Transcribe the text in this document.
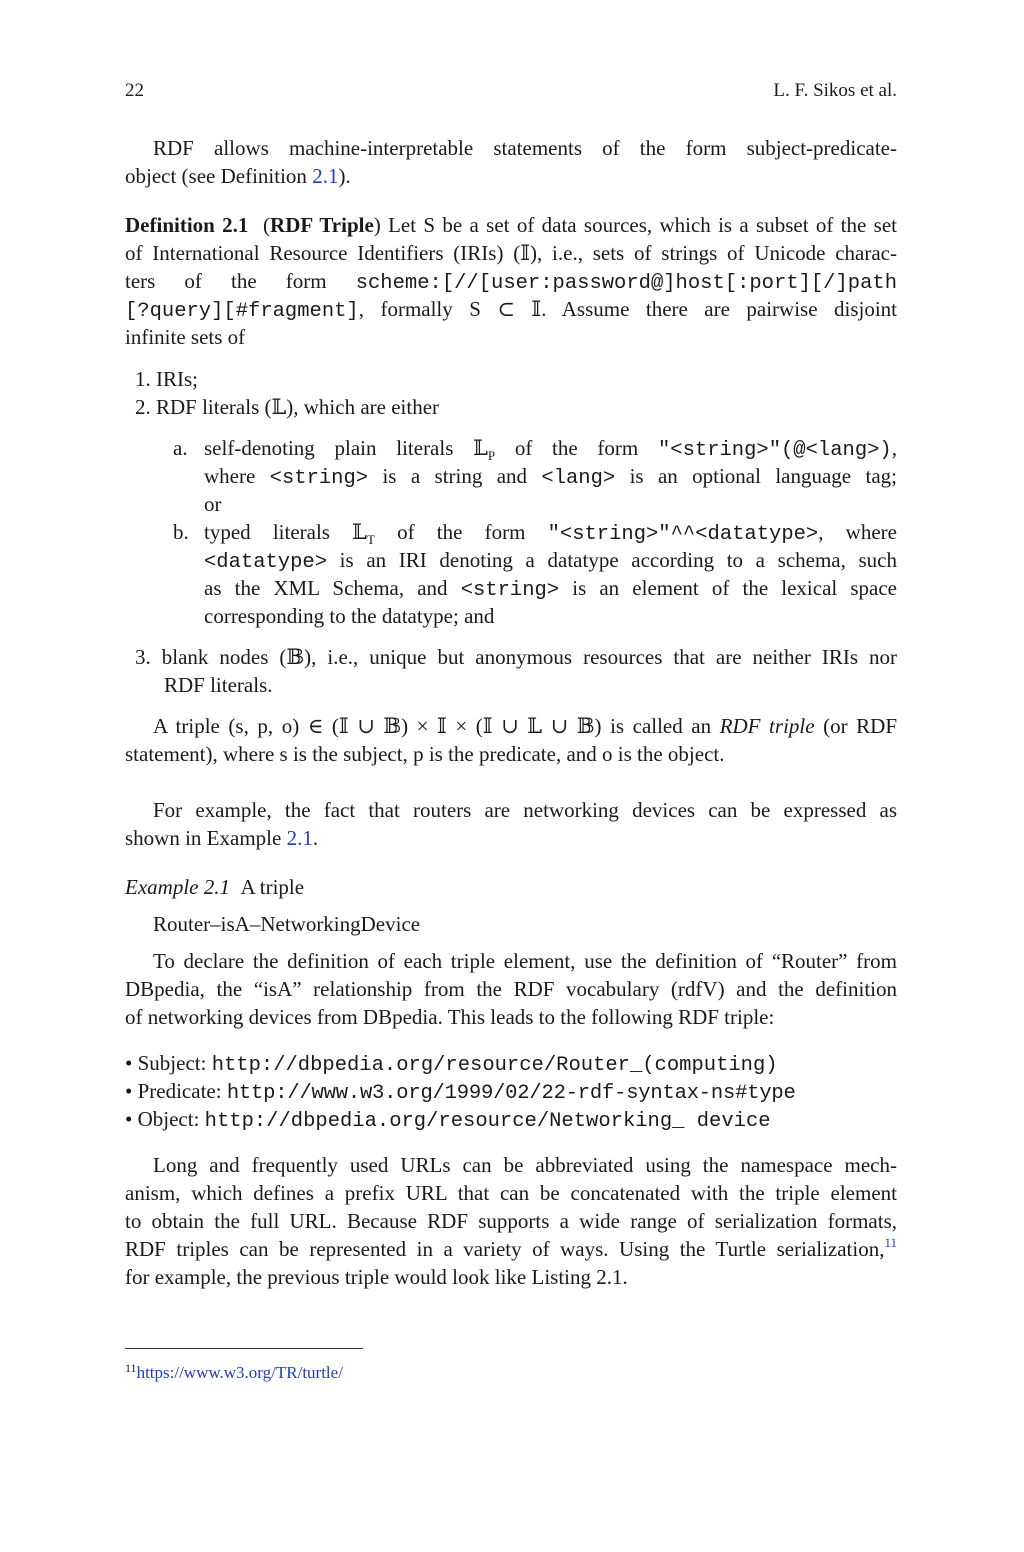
22	L. F. Sikos et al.
RDF allows machine-interpretable statements of the form subject-predicate-
object (see Definition 2.1).
Definition 2.1  (RDF Triple) Let S be a set of data sources, which is a subset of the set
of International Resource Identifiers (IRIs) (𝕀), i.e., sets of strings of Unicode charac-
ters of the form scheme:[//[user:password@]host[:port][/]path
[?query][#fragment], formally S ⊂ 𝕀. Assume there are pairwise disjoint
infinite sets of
1. IRIs;
2. RDF literals (𝕃), which are either
a. self-denoting plain literals 𝕃$_P$ of the form "<string>"(@<lang>),
where <string> is a string and <lang> is an optional language tag;
or
b. typed literals 𝕃$_T$ of the form "<string>"^^<datatype>, where
<datatype> is an IRI denoting a datatype according to a schema, such
as the XML Schema, and <string> is an element of the lexical space
corresponding to the datatype; and
3. blank nodes (𝔹), i.e., unique but anonymous resources that are neither IRIs nor
RDF literals.
A triple (s, p, o) ∈ (𝕀 ∪ 𝔹) × 𝕀 × (𝕀 ∪ 𝕃 ∪ 𝔹) is called an RDF triple (or RDF
statement), where s is the subject, p is the predicate, and o is the object.
For example, the fact that routers are networking devices can be expressed as
shown in Example 2.1.
Example 2.1 A triple
Router–isA–NetworkingDevice
To declare the definition of each triple element, use the definition of “Router” from
DBpedia, the “isA” relationship from the RDF vocabulary (rdfV) and the definition
of networking devices from DBpedia. This leads to the following RDF triple:
• Subject: http://dbpedia.org/resource/Router_(computing)
• Predicate: http://www.w3.org/1999/02/22-rdf-syntax-ns#type
• Object: http://dbpedia.org/resource/Networking_ device
Long and frequently used URLs can be abbreviated using the namespace mech-
anism, which defines a prefix URL that can be concatenated with the triple element
to obtain the full URL. Because RDF supports a wide range of serialization formats,
RDF triples can be represented in a variety of ways. Using the Turtle serialization,$^{11}$
for example, the previous triple would look like Listing 2.1.
$^{11}$https://www.w3.org/TR/turtle/
